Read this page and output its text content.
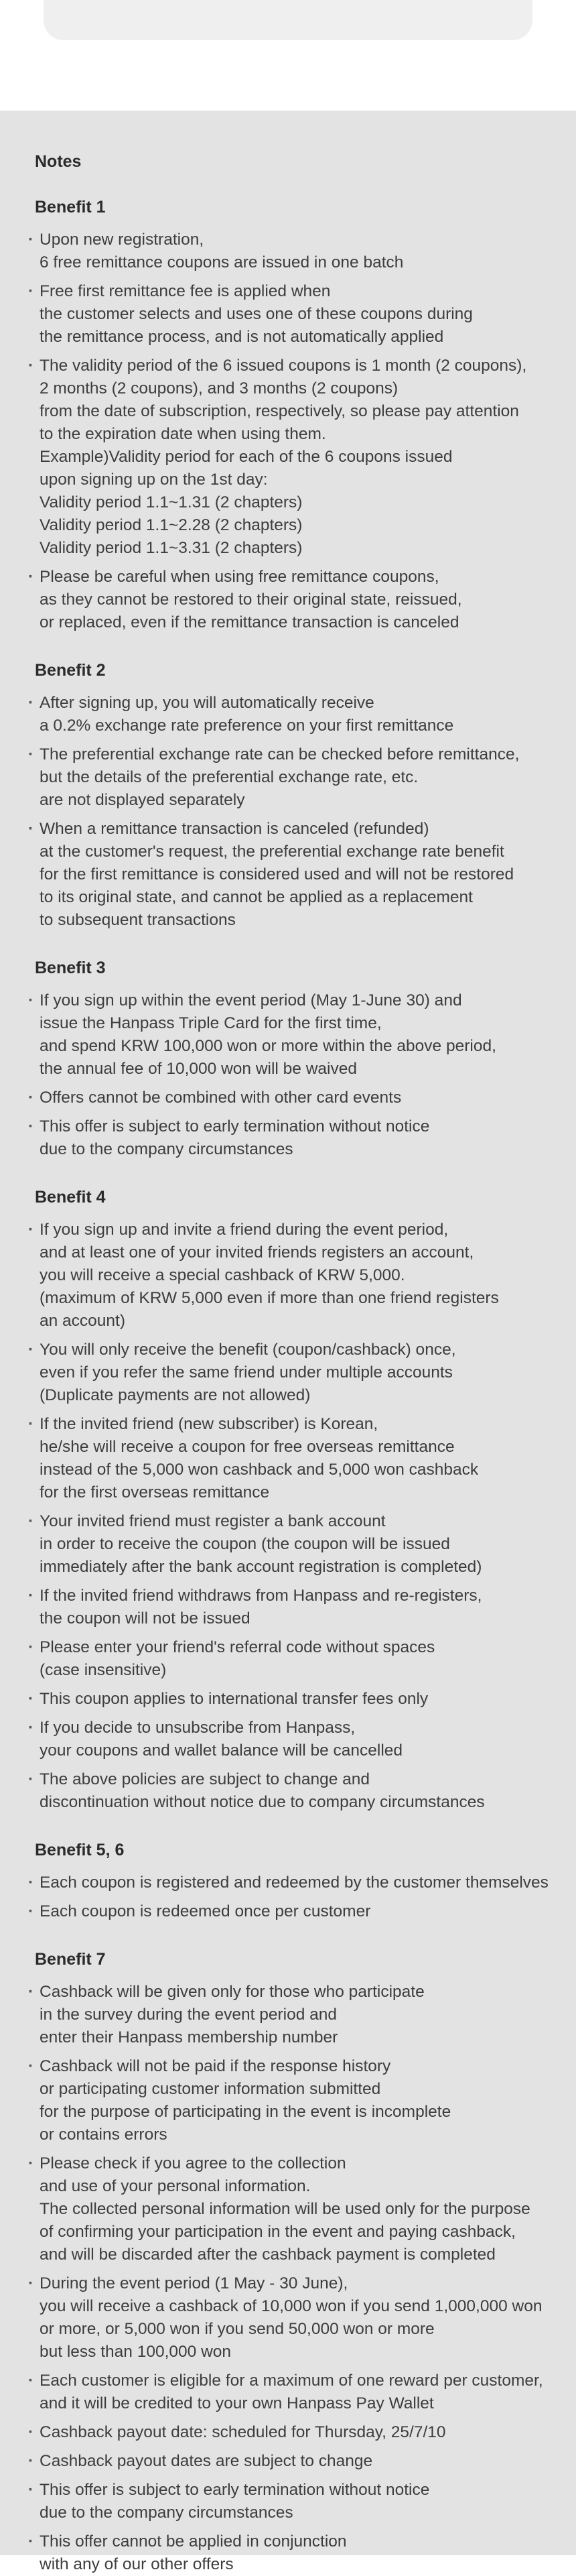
Notes
Benefit 1
· Upon new registration,
6 free remittance coupons are issued in one batch
· Free first remittance fee is applied when
the customer selects and uses one of these coupons during
the remittance process, and is not automatically applied
· The validity period of the 6 issued coupons is 1 month (2 coupons),
2 months (2 coupons), and 3 months (2 coupons)
from the date of subscription, respectively, so please pay attention
to the expiration date when using them.
Example)Validity period for each of the 6 coupons issued
upon signing up on the 1st day:
Validity period 1.1~1.31 (2 chapters)
Validity period 1.1~2.28 (2 chapters)
Validity period 1.1~3.31 (2 chapters)
· Please be careful when using free remittance coupons,
as they cannot be restored to their original state, reissued,
or replaced, even if the remittance transaction is canceled
Benefit 2
· After signing up, you will automatically receive
a 0.2% exchange rate preference on your first remittance
· The preferential exchange rate can be checked before remittance,
but the details of the preferential exchange rate, etc.
are not displayed separately
· When a remittance transaction is canceled (refunded)
at the customer's request, the preferential exchange rate benefit
for the first remittance is considered used and will not be restored
to its original state, and cannot be applied as a replacement
to subsequent transactions
Benefit 3
· If you sign up within the event period (May 1-June 30) and
issue the Hanpass Triple Card for the first time,
and spend KRW 100,000 won or more within the above period,
the annual fee of 10,000 won will be waived
· Offers cannot be combined with other card events
· This offer is subject to early termination without notice
due to the company circumstances
Benefit 4
· If you sign up and invite a friend during the event period,
and at least one of your invited friends registers an account,
you will receive a special cashback of KRW 5,000.
(maximum of KRW 5,000 even if more than one friend registers
an account)
· You will only receive the benefit (coupon/cashback) once,
even if you refer the same friend under multiple accounts
(Duplicate payments are not allowed)
· If the invited friend (new subscriber) is Korean,
he/she will receive a coupon for free overseas remittance
instead of the 5,000 won cashback and 5,000 won cashback
for the first overseas remittance
· Your invited friend must register a bank account
in order to receive the coupon (the coupon will be issued
immediately after the bank account registration is completed)
· If the invited friend withdraws from Hanpass and re-registers,
the coupon will not be issued
· Please enter your friend's referral code without spaces
(case insensitive)
· This coupon applies to international transfer fees only
· If you decide to unsubscribe from Hanpass,
your coupons and wallet balance will be cancelled
· The above policies are subject to change and
discontinuation without notice due to company circumstances
Benefit 5, 6
· Each coupon is registered and redeemed by the customer themselves
· Each coupon is redeemed once per customer
Benefit 7
· Cashback will be given only for those who participate
in the survey during the event period and
enter their Hanpass membership number
· Cashback will not be paid if the response history
or participating customer information submitted
for the purpose of participating in the event is incomplete
or contains errors
· Please check if you agree to the collection
and use of your personal information.
The collected personal information will be used only for the purpose
of confirming your participation in the event and paying cashback,
and will be discarded after the cashback payment is completed
· During the event period (1 May - 30 June),
you will receive a cashback of 10,000 won if you send 1,000,000 won
or more, or 5,000 won if you send 50,000 won or more
but less than 100,000 won
· Each customer is eligible for a maximum of one reward per customer,
and it will be credited to your own Hanpass Pay Wallet
· Cashback payout date: scheduled for Thursday, 25/7/10
· Cashback payout dates are subject to change
· This offer is subject to early termination without notice
due to the company circumstances
· This offer cannot be applied in conjunction
with any of our other offers
